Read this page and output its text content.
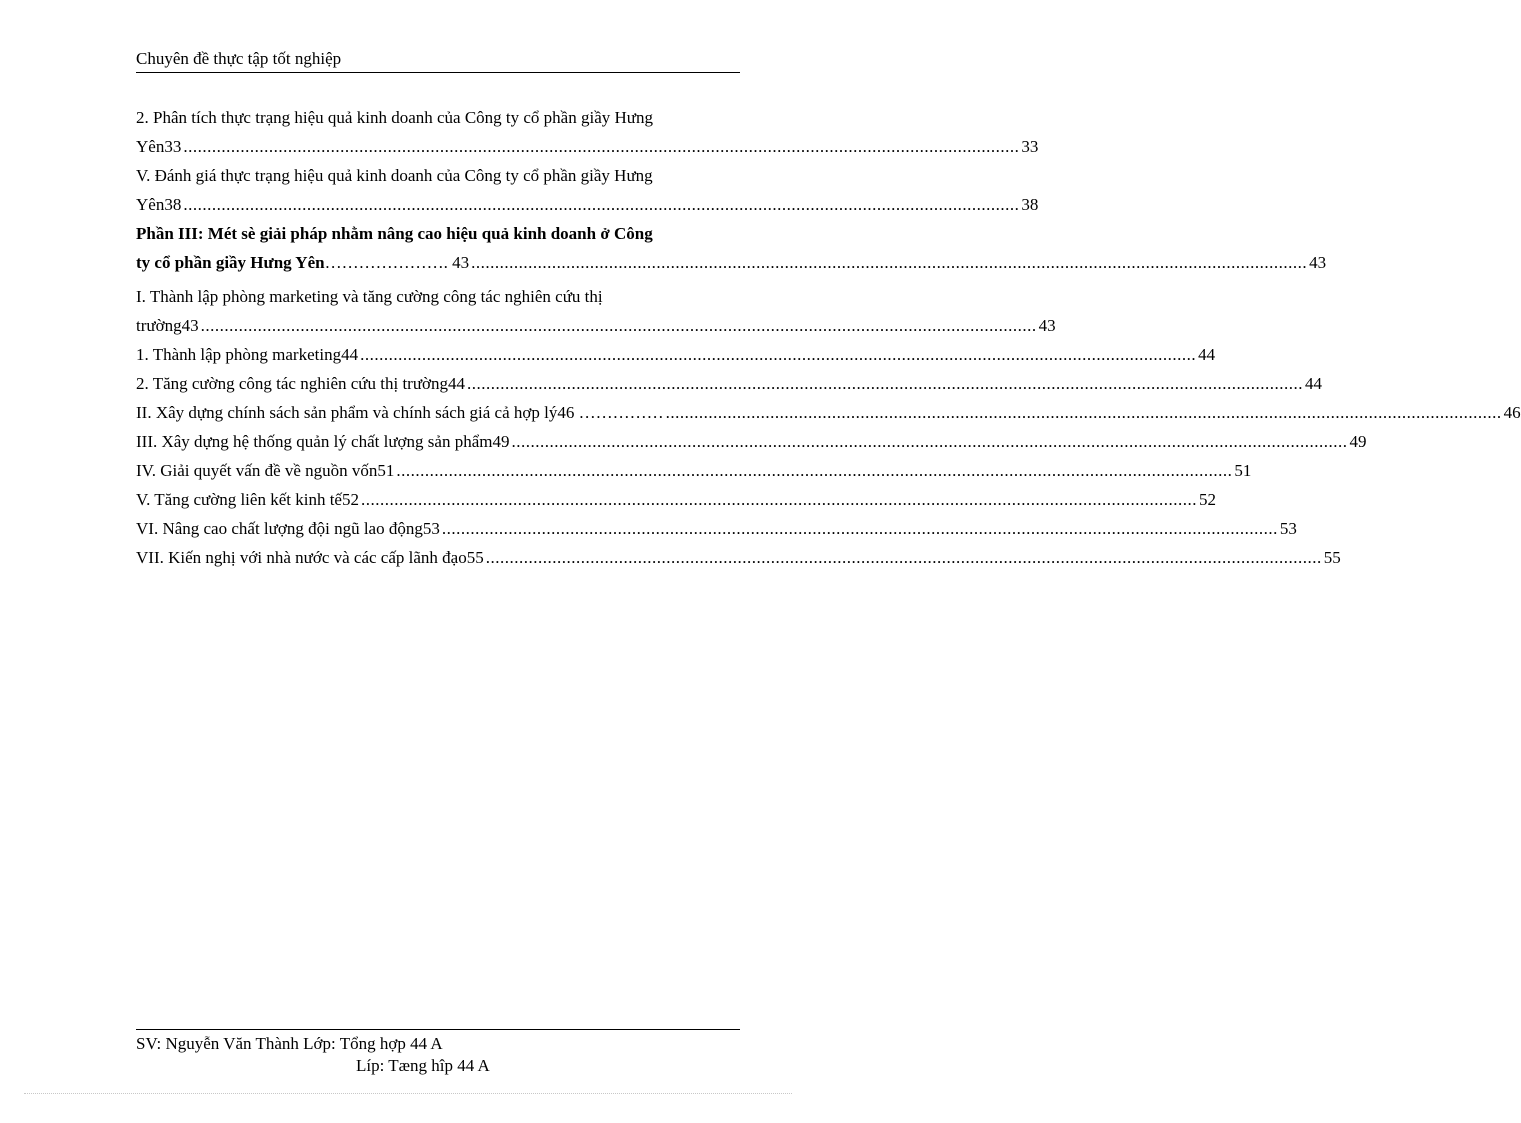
Chuyên đề thực tập tốt nghiệp
2. Phân tích thực trạng hiệu quả kinh doanh của Công ty cổ phần giầy Hưng
Yên33 ................................................................................................................................................................................ 33
V. Đánh giá thực trạng hiệu quả kinh doanh của Công ty cổ phần giầy Hưng
Yên38 ................................................................................................................................................................................ 38
Phần III: Mét sè giải pháp nhằm nâng cao hiệu quả kinh doanh ở Công
ty cổ phần giầy Hưng Yên …………………. 43 ................................................................................................................................................................................ 43
I. Thành lập phòng marketing và tăng cường công tác nghiên cứu thị
trường43 ................................................................................................................................................................................ 43
1. Thành lập phòng marketing44 ................................................................................................................................................................................ 44
2. Tăng cường công tác nghiên cứu thị trường44 ................................................................................................................................................................................ 44
II. Xây dựng chính sách sản phẩm và chính sách giá cả hợp lý46 …………… ................................................................................................................................................................................ 46
III. Xây dựng hệ thống quản lý chất lượng sản phẩm49 ................................................................................................................................................................................ 49
IV. Giải quyết vấn đề về nguồn vốn51 ................................................................................................................................................................................ 51
V. Tăng cường liên kết kinh tế52 ................................................................................................................................................................................ 52
VI. Nâng cao chất lượng đội ngũ lao động53 ................................................................................................................................................................................ 53
VII. Kiến nghị với nhà nước và các cấp lãnh đạo55 ................................................................................................................................................................................ 55
SV: Nguyễn Văn Thành Lớp: Tổng hợp 44 A
Líp: Tæng hîp 44 A
